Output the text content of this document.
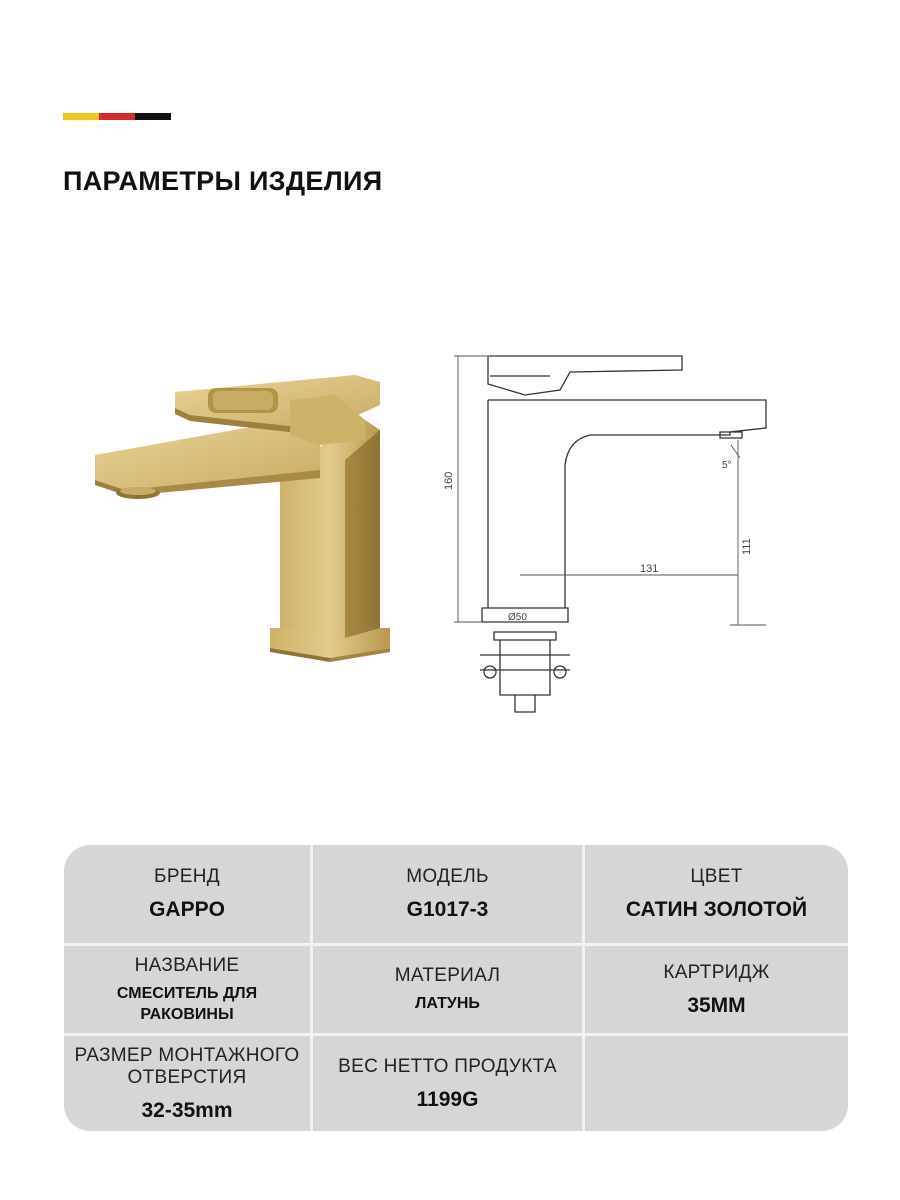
ПАРАМЕТРЫ ИЗДЕЛИЯ
160
111
131
5°
Ø50
БРЕНД
GAPPO
МОДЕЛЬ
G1017-3
ЦВЕТ
САТИН ЗОЛОТОЙ
НАЗВАНИЕ
СМЕСИТЕЛЬ ДЛЯ
РАКОВИНЫ
МАТЕРИАЛ
ЛАТУНЬ
КАРТРИДЖ
35MM
РАЗМЕР МОНТАЖНОГО
ОТВЕРСТИЯ
32-35mm
ВЕС НЕТТО ПРОДУКТА
1199G
